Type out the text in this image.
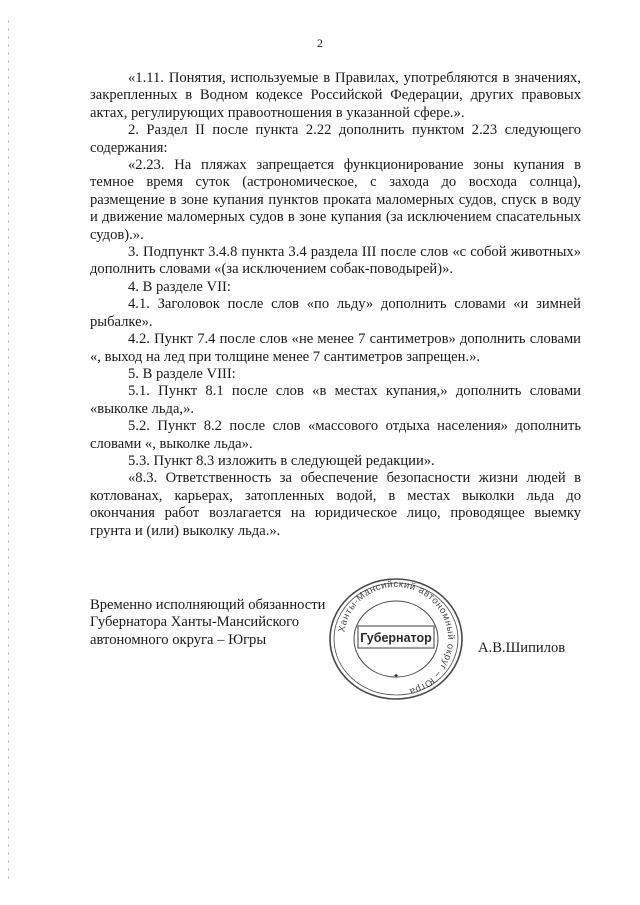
2

«1.11. Понятия, используемые в Правилах, употребляются в значениях, закрепленных в Водном кодексе Российской Федерации, других правовых актах, регулирующих правоотношения в указанной сфере.».

2. Раздел II после пункта 2.22 дополнить пунктом 2.23 следующего содержания:

«2.23. На пляжах запрещается функционирование зоны купания в темное время суток (астрономическое, с захода до восхода солнца), размещение в зоне купания пунктов проката маломерных судов, спуск в воду и движение маломерных судов в зоне купания (за исключением спасательных судов).».

3. Подпункт 3.4.8 пункта 3.4 раздела III после слов «с собой животных» дополнить словами «(за исключением собак-поводырей)».

4. В разделе VII:

4.1. Заголовок после слов «по льду» дополнить словами «и зимней рыбалке».

4.2. Пункт 7.4 после слов «не менее 7 сантиметров» дополнить словами «, выход на лед при толщине менее 7 сантиметров запрещен.».

5. В разделе VIII:

5.1. Пункт 8.1 после слов «в местах купания,» дополнить словами «выколке льда,».

5.2. Пункт 8.2 после слов «массового отдыха населения» дополнить словами «, выколке льда».

5.3. Пункт 8.3 изложить в следующей редакции».

«8.3. Ответственность за обеспечение безопасности жизни людей в котлованах, карьерах, затопленных водой, в местах выколки льда до окончания работ возлагается на юридическое лицо, проводящее выемку грунта и (или) выколку льда.».

Временно исполняющий обязанности
Губернатора Ханты-Мансийского
автономного округа – Югры
Ханты-Мансийский автономный округ – Югра
Губернатор
✦
А.В.Шипилов
